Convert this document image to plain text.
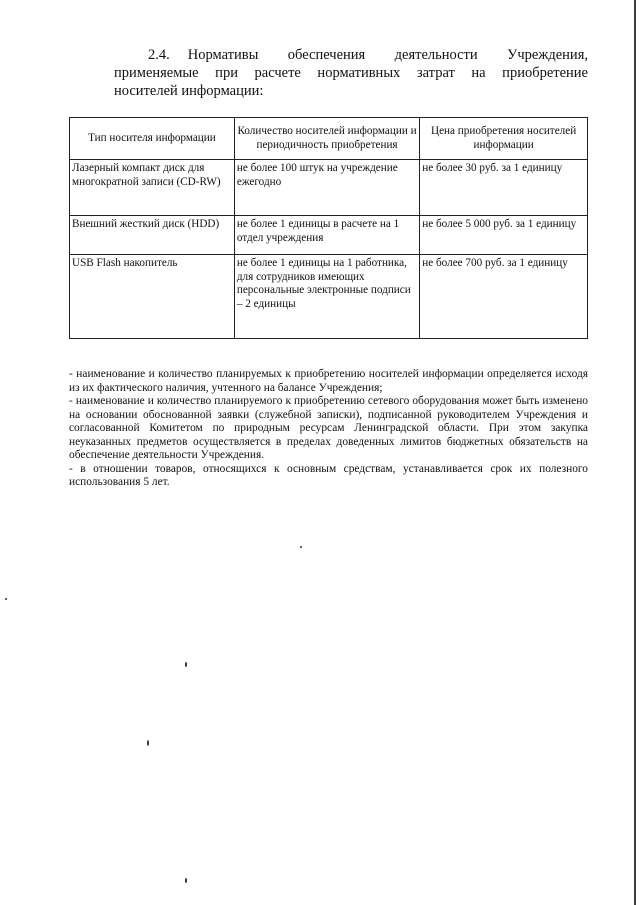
2.4. Нормативы обеспечения деятельности Учреждения,
применяемые при расчете нормативных затрат на приобретение
носителей информации:
Тип носителя информации	Количество носителей информации и периодичность приобретения	Цена приобретения носителей информации
Лазерный компакт диск для многократной записи (CD-RW)	не более 100 штук на учреждение ежегодно	не более 30 руб. за 1 единицу
Внешний жесткий диск (HDD)	не более 1 единицы в расчете на 1 отдел учреждения	не более 5 000 руб. за 1 единицу
USB Flash накопитель	не более 1 единицы на 1 работника, для сотрудников имеющих персональные электронные подписи – 2 единицы	не более 700 руб. за 1 единицу

- наименование и количество планируемых к приобретению носителей информации определяется исходя из их фактического наличия, учтенного на балансе Учреждения;

- наименование и количество планируемого к приобретению сетевого оборудования может быть изменено на основании обоснованной заявки (служебной записки), подписанной руководителем Учреждения и согласованной Комитетом по природным ресурсам Ленинградской области. При этом закупка неуказанных предметов осуществляется в пределах доведенных лимитов бюджетных обязательств на обеспечение деятельности Учреждения.

- в отношении товаров, относящихся к основным средствам, устанавливается срок их полезного использования 5 лет.
